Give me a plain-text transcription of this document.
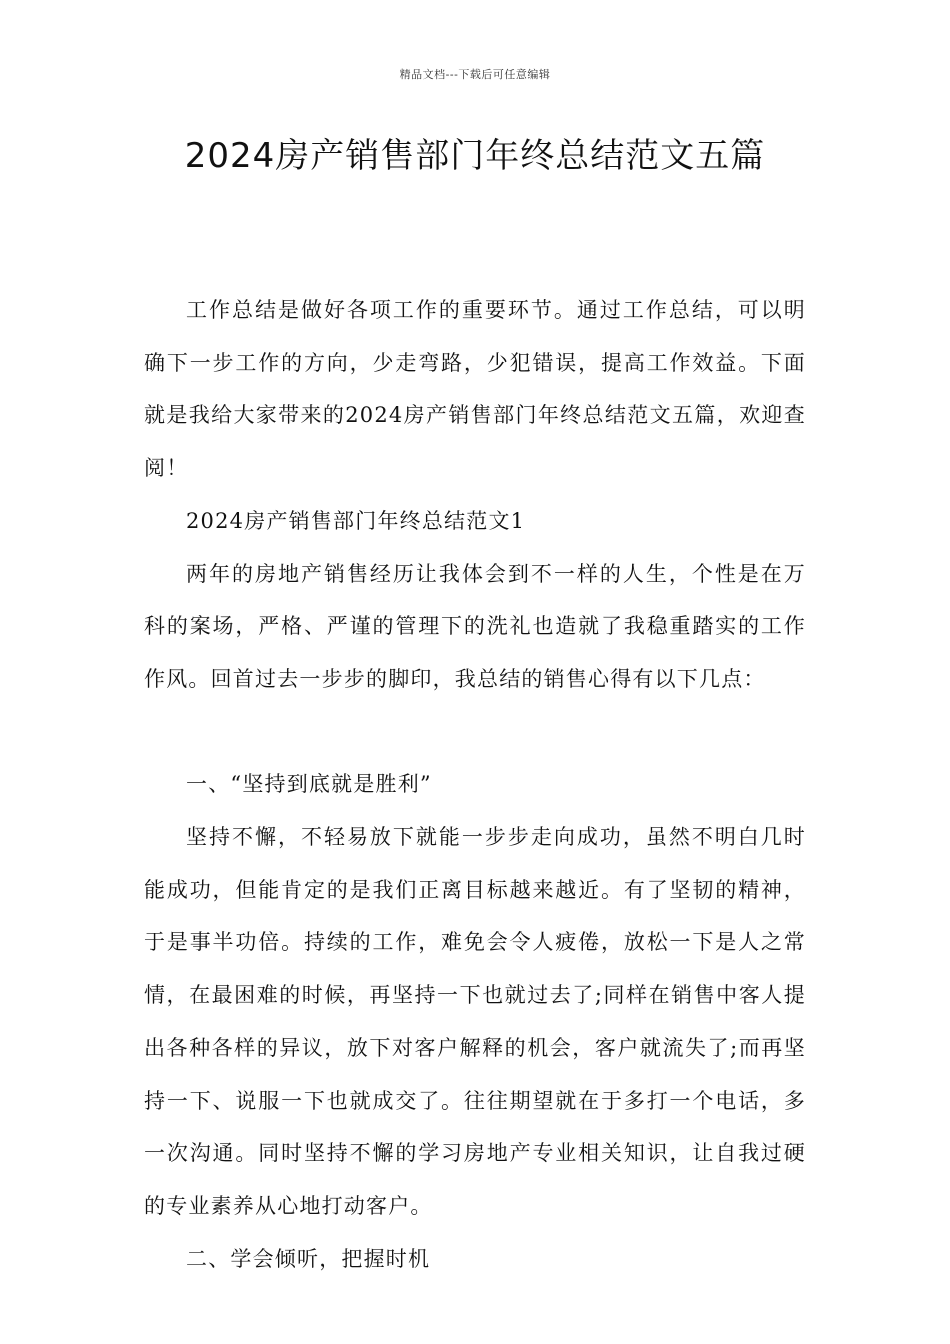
精品文档---下载后可任意编辑
2024房产销售部门年终总结范文五篇

工作总结是做好各项工作的重要环节。通过工作总结，可以明确下一步工作的方向，少走弯路，少犯错误，提高工作效益。下面就是我给大家带来的2024房产销售部门年终总结范文五篇，欢迎查阅！

2024房产销售部门年终总结范文1

两年的房地产销售经历让我体会到不一样的人生，个性是在万科的案场，严格、严谨的管理下的洗礼也造就了我稳重踏实的工作作风。回首过去一步步的脚印，我总结的销售心得有以下几点：

一、“坚持到底就是胜利”

坚持不懈，不轻易放下就能一步步走向成功，虽然不明白几时能成功，但能肯定的是我们正离目标越来越近。有了坚韧的精神，于是事半功倍。持续的工作，难免会令人疲倦，放松一下是人之常情，在最困难的时候，再坚持一下也就过去了;同样在销售中客人提出各种各样的异议，放下对客户解释的机会，客户就流失了;而再坚持一下、说服一下也就成交了。往往期望就在于多打一个电话，多一次沟通。同时坚持不懈的学习房地产专业相关知识，让自我过硬的专业素养从心地打动客户。

二、学会倾听，把握时机
